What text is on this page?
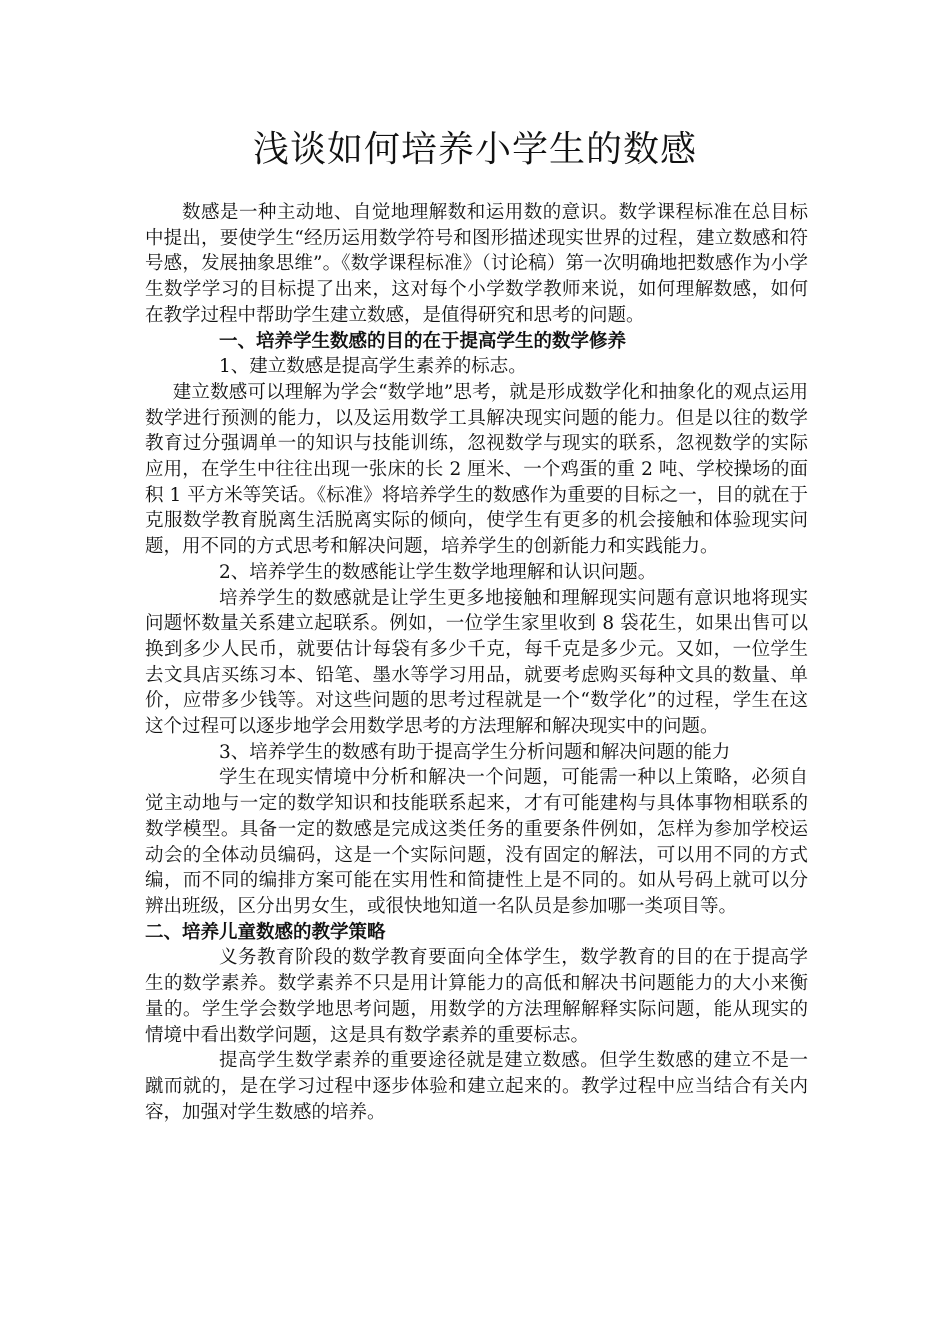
浅谈如何培养小学生的数感

数感是一种主动地、自觉地理解数和运用数的意识。数学课程标准在总目标中提出，要使学生“经历运用数学符号和图形描述现实世界的过程，建立数感和符号感，发展抽象思维”。《数学课程标准》（讨论稿）第一次明确地把数感作为小学生数学学习的目标提了出来，这对每个小学数学教师来说，如何理解数感，如何在教学过程中帮助学生建立数感，是值得研究和思考的问题。

一、培养学生数感的目的在于提高学生的数学修养

1、建立数感是提高学生素养的标志。

建立数感可以理解为学会“数学地”思考，就是形成数学化和抽象化的观点运用数学进行预测的能力，以及运用数学工具解决现实问题的能力。但是以往的数学教育过分强调单一的知识与技能训练，忽视数学与现实的联系，忽视数学的实际应用，在学生中往往出现一张床的长 2 厘米、一个鸡蛋的重 2 吨、学校操场的面积 1 平方米等笑话。《标准》将培养学生的数感作为重要的目标之一，目的就在于克服数学教育脱离生活脱离实际的倾向，使学生有更多的机会接触和体验现实问题，用不同的方式思考和解决问题，培养学生的创新能力和实践能力。

2、培养学生的数感能让学生数学地理解和认识问题。

培养学生的数感就是让学生更多地接触和理解现实问题有意识地将现实问题怀数量关系建立起联系。例如，一位学生家里收到 8 袋花生，如果出售可以换到多少人民币，就要估计每袋有多少千克，每千克是多少元。又如，一位学生去文具店买练习本、铅笔、墨水等学习用品，就要考虑购买每种文具的数量、单价，应带多少钱等。对这些问题的思考过程就是一个“数学化”的过程，学生在这这个过程可以逐步地学会用数学思考的方法理解和解决现实中的问题。

3、培养学生的数感有助于提高学生分析问题和解决问题的能力

学生在现实情境中分析和解决一个问题，可能需一种以上策略，必须自觉主动地与一定的数学知识和技能联系起来，才有可能建构与具体事物相联系的数学模型。具备一定的数感是完成这类任务的重要条件例如，怎样为参加学校运动会的全体动员编码，这是一个实际问题，没有固定的解法，可以用不同的方式编，而不同的编排方案可能在实用性和简捷性上是不同的。如从号码上就可以分辨出班级，区分出男女生，或很快地知道一名队员是参加哪一类项目等。

二、培养儿童数感的教学策略

义务教育阶段的数学教育要面向全体学生，数学教育的目的在于提高学生的数学素养。数学素养不只是用计算能力的高低和解决书问题能力的大小来衡量的。学生学会数学地思考问题，用数学的方法理解解释实际问题，能从现实的情境中看出数学问题，这是具有数学素养的重要标志。

提高学生数学素养的重要途径就是建立数感。但学生数感的建立不是一蹴而就的，是在学习过程中逐步体验和建立起来的。教学过程中应当结合有关内容，加强对学生数感的培养。
